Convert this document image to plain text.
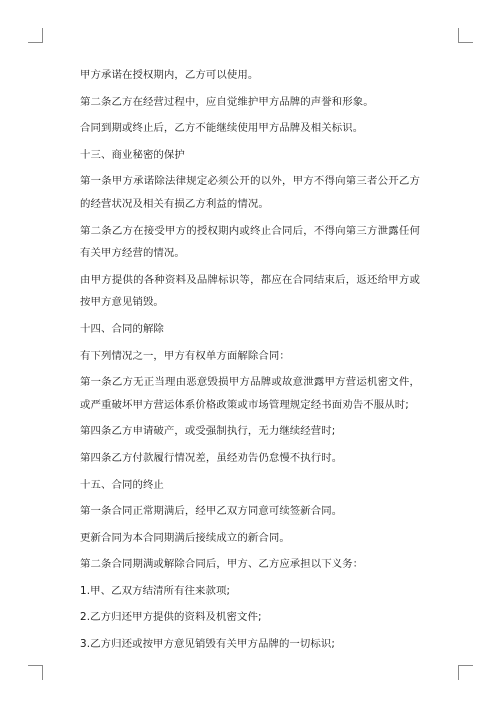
甲方承诺在授权期内，乙方可以使用。

第二条乙方在经营过程中，应自觉维护甲方品牌的声誉和形象。

合同到期或终止后，乙方不能继续使用甲方品牌及相关标识。

十三、商业秘密的保护

第一条甲方承诺除法律规定必须公开的以外，甲方不得向第三者公开乙方的经营状况及相关有损乙方利益的情况。

第二条乙方在接受甲方的授权期内或终止合同后，不得向第三方泄露任何有关甲方经营的情况。

由甲方提供的各种资料及品牌标识等，都应在合同结束后，返还给甲方或按甲方意见销毁。

十四、合同的解除

有下列情况之一，甲方有权单方面解除合同：

第一条乙方无正当理由恶意毁损甲方品牌或故意泄露甲方营运机密文件，或严重破坏甲方营运体系价格政策或市场管理规定经书面劝告不服从时;

第四条乙方申请破产，或受强制执行，无力继续经营时;

第四条乙方付款履行情况差，虽经劝告仍怠慢不执行时。

十五、合同的终止

第一条合同正常期满后，经甲乙双方同意可续签新合同。

更新合同为本合同期满后接续成立的新合同。

第二条合同期满或解除合同后，甲方、乙方应承担以下义务：

1.甲、乙双方结清所有往来款项;

2.乙方归还甲方提供的资料及机密文件;

3.乙方归还或按甲方意见销毁有关甲方品牌的一切标识;
